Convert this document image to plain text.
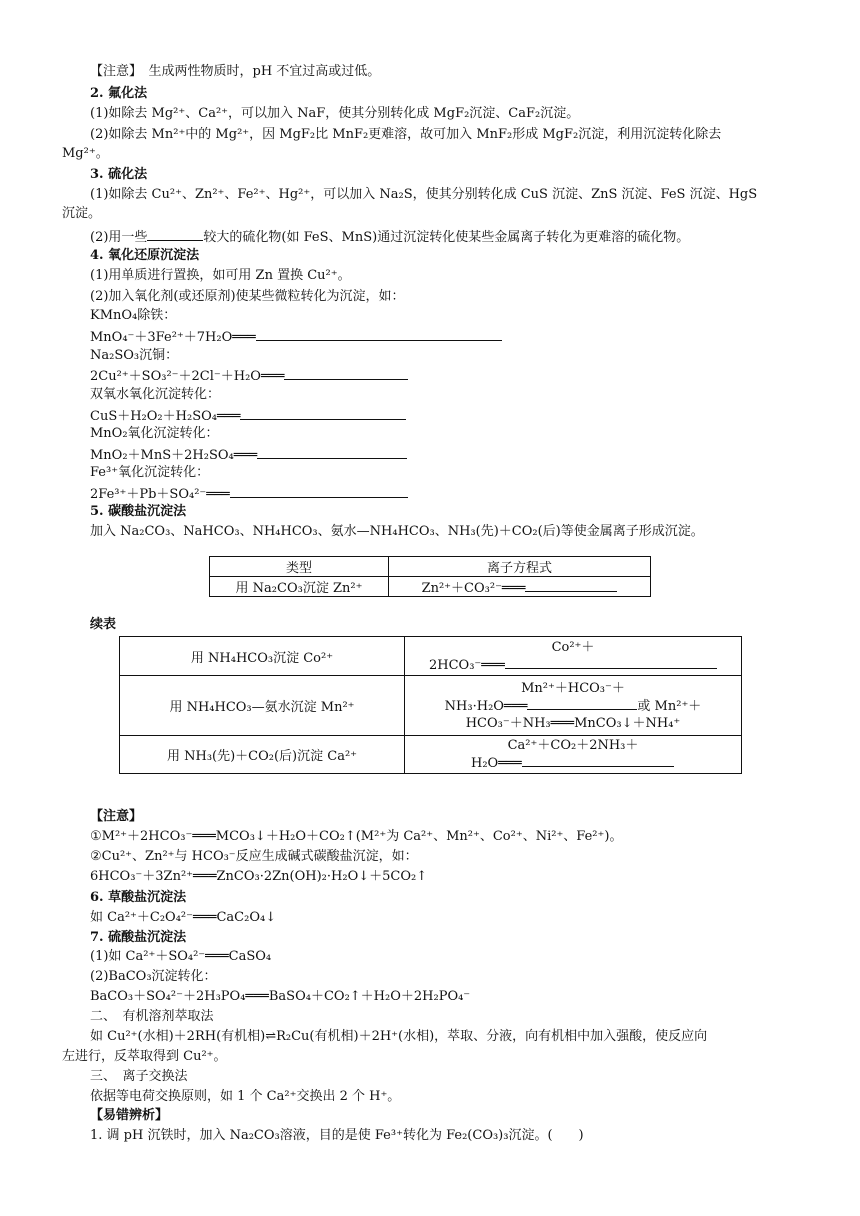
【注意】　生成两性物质时，pH 不宜过高或过低。
2. 氟化法
(1)如除去 Mg²⁺、Ca²⁺，可以加入 NaF，使其分别转化成 MgF₂沉淀、CaF₂沉淀。
(2)如除去 Mn²⁺中的 Mg²⁺，因 MgF₂比 MnF₂更难溶，故可加入 MnF₂形成 MgF₂沉淀，利用沉淀转化除去
Mg²⁺。
3. 硫化法
(1)如除去 Cu²⁺、Zn²⁺、Fe²⁺、Hg²⁺，可以加入 Na₂S，使其分别转化成 CuS 沉淀、ZnS 沉淀、FeS 沉淀、HgS
沉淀。
(2)用一些	较大的硫化物(如 FeS、MnS)通过沉淀转化使某些金属离子转化为更难溶的硫化物。
4. 氧化还原沉淀法
(1)用单质进行置换，如可用 Zn 置换 Cu²⁺。
(2)加入氧化剂(或还原剂)使某些微粒转化为沉淀，如：
KMnO₄除铁：
MnO₄⁻＋3Fe²⁺＋7H₂O═══
Na₂SO₃沉铜：
2Cu²⁺＋SO₃²⁻＋2Cl⁻＋H₂O═══
双氧水氧化沉淀转化：
CuS＋H₂O₂＋H₂SO₄═══
MnO₂氧化沉淀转化：
MnO₂＋MnS＋2H₂SO₄═══
Fe³⁺氧化沉淀转化：
2Fe³⁺＋Pb＋SO₄²⁻═══
5. 碳酸盐沉淀法
加入 Na₂CO₃、NaHCO₃、NH₄HCO₃、氨水—NH₄HCO₃、NH₃(先)＋CO₂(后)等使金属离子形成沉淀。
类型	离子方程式
用 Na₂CO₃沉淀 Zn²⁺	Zn²⁺＋CO₃²⁻═══
续表
用 NH₄HCO₃沉淀 Co²⁺	Co²⁺＋
2HCO₃⁻═══

用 NH₄HCO₃—氨水沉淀 Mn²⁺	Mn²⁺＋HCO₃⁻＋
NH₃·H₂O═══ 或 Mn²⁺＋
HCO₃⁻＋NH₃═══MnCO₃↓＋NH₄⁺

用 NH₃(先)＋CO₂(后)沉淀 Ca²⁺	Ca²⁺＋CO₂＋2NH₃＋
H₂O═══
【注意】
①M²⁺＋2HCO₃⁻═══MCO₃↓＋H₂O＋CO₂↑(M²⁺为 Ca²⁺、Mn²⁺、Co²⁺、Ni²⁺、Fe²⁺)。
②Cu²⁺、Zn²⁺与 HCO₃⁻反应生成碱式碳酸盐沉淀，如：
6HCO₃⁻＋3Zn²⁺═══ZnCO₃·2Zn(OH)₂·H₂O↓＋5CO₂↑
6. 草酸盐沉淀法
如 Ca²⁺＋C₂O₄²⁻═══CaC₂O₄↓
7. 硫酸盐沉淀法
(1)如 Ca²⁺＋SO₄²⁻═══CaSO₄
(2)BaCO₃沉淀转化：
BaCO₃＋SO₄²⁻＋2H₃PO₄═══BaSO₄＋CO₂↑＋H₂O＋2H₂PO₄⁻
二、　有机溶剂萃取法
如 Cu²⁺(水相)＋2RH(有机相)⇌R₂Cu(有机相)＋2H⁺(水相)，萃取、分液，向有机相中加入强酸，使反应向
左进行，反萃取得到 Cu²⁺。
三、　离子交换法
依据等电荷交换原则，如 1 个 Ca²⁺交换出 2 个 H⁺。
【易错辨析】
1. 调 pH 沉铁时，加入 Na₂CO₃溶液，目的是使 Fe³⁺转化为 Fe₂(CO₃)₃沉淀。(　　)
